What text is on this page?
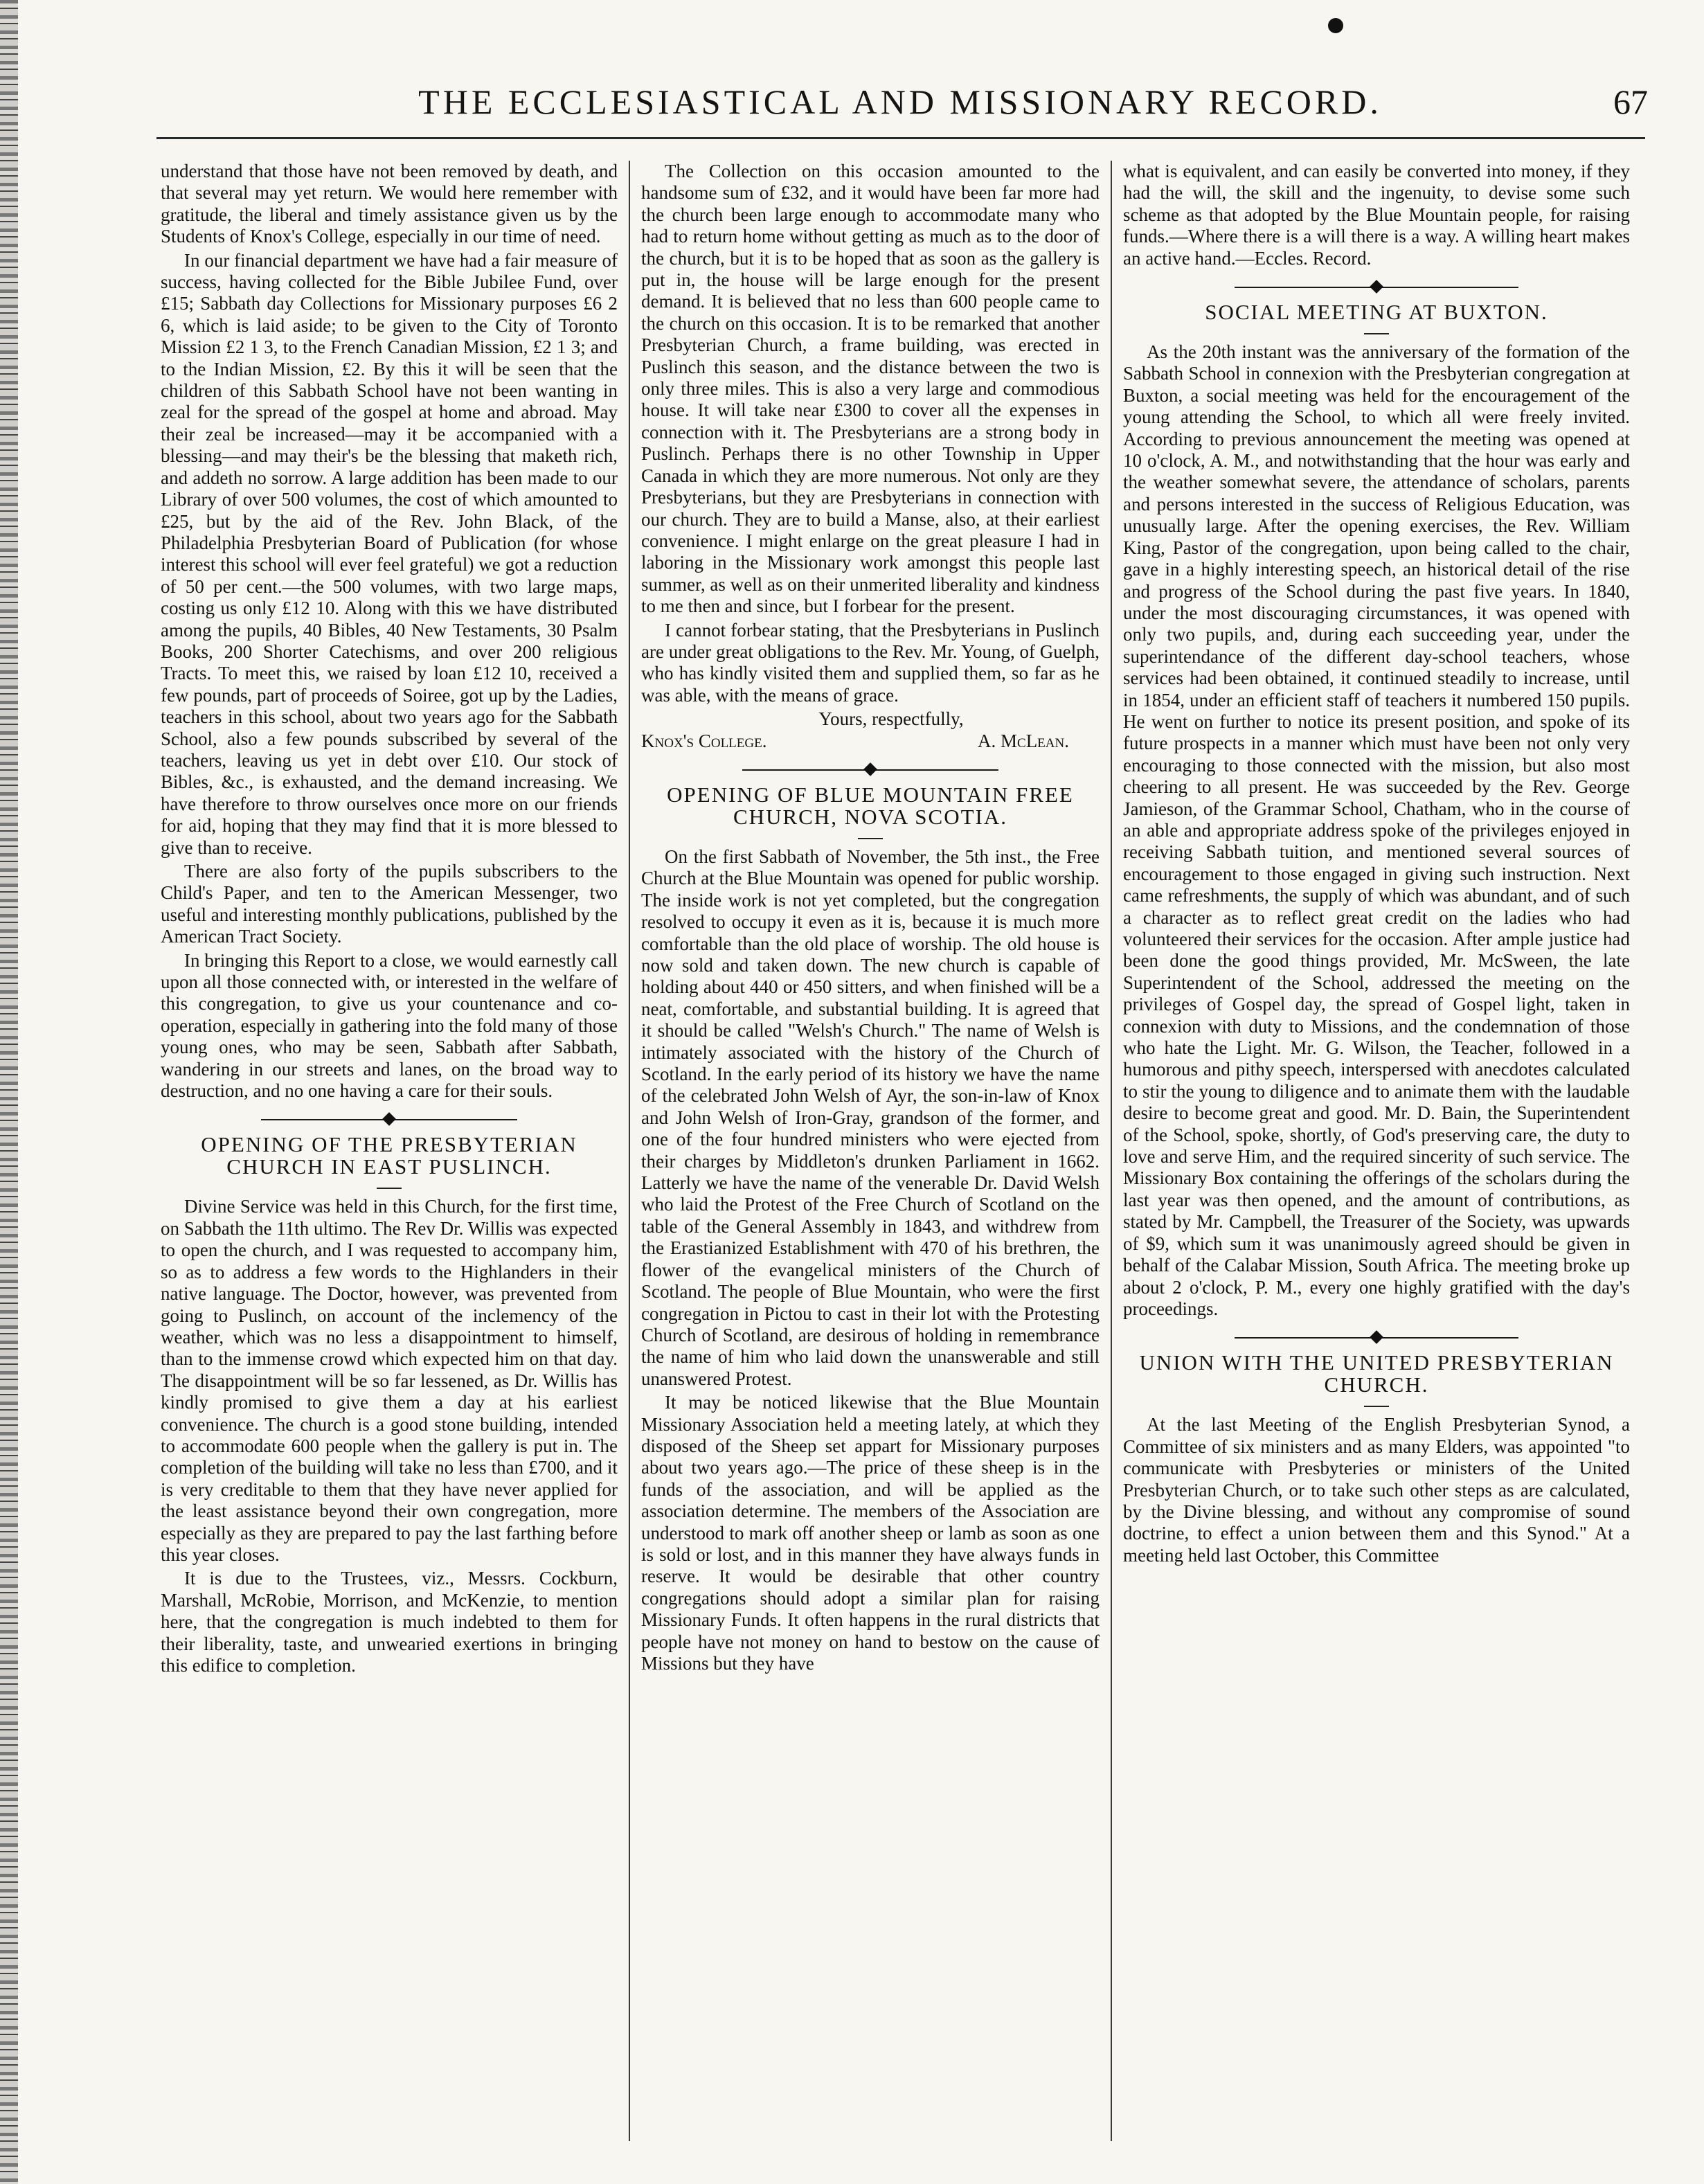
THE ECCLESIASTICAL AND MISSIONARY RECORD.	67

understand that those have not been removed by death, and that several may yet return. We would here remember with gratitude, the liberal and timely assistance given us by the Students of Knox's College, especially in our time of need.

In our financial department we have had a fair measure of success, having collected for the Bible Jubilee Fund, over £15; Sabbath day Collections for Missionary purposes £6 2 6, which is laid aside; to be given to the City of Toronto Mission £2 1 3, to the French Canadian Mission, £2 1 3; and to the Indian Mission, £2. By this it will be seen that the children of this Sabbath School have not been wanting in zeal for the spread of the gospel at home and abroad. May their zeal be increased—may it be accompanied with a blessing—and may their's be the blessing that maketh rich, and addeth no sorrow. A large addition has been made to our Library of over 500 volumes, the cost of which amounted to £25, but by the aid of the Rev. John Black, of the Philadelphia Presbyterian Board of Publication (for whose interest this school will ever feel grateful) we got a reduction of 50 per cent.—the 500 volumes, with two large maps, costing us only £12 10. Along with this we have distributed among the pupils, 40 Bibles, 40 New Testaments, 30 Psalm Books, 200 Shorter Catechisms, and over 200 religious Tracts. To meet this, we raised by loan £12 10, received a few pounds, part of proceeds of Soiree, got up by the Ladies, teachers in this school, about two years ago for the Sabbath School, also a few pounds subscribed by several of the teachers, leaving us yet in debt over £10. Our stock of Bibles, &c., is exhausted, and the demand increasing. We have therefore to throw ourselves once more on our friends for aid, hoping that they may find that it is more blessed to give than to receive.

There are also forty of the pupils subscribers to the Child's Paper, and ten to the American Messenger, two useful and interesting monthly publications, published by the American Tract Society.

In bringing this Report to a close, we would earnestly call upon all those connected with, or interested in the welfare of this congregation, to give us your countenance and co-operation, especially in gathering into the fold many of those young ones, who may be seen, Sabbath after Sabbath, wandering in our streets and lanes, on the broad way to destruction, and no one having a care for their souls.

OPENING OF THE PRESBYTERIAN CHURCH IN EAST PUSLINCH.

Divine Service was held in this Church, for the first time, on Sabbath the 11th ultimo. The Rev Dr. Willis was expected to open the church, and I was requested to accompany him, so as to address a few words to the Highlanders in their native language. The Doctor, however, was prevented from going to Puslinch, on account of the inclemency of the weather, which was no less a disappointment to himself, than to the immense crowd which expected him on that day. The disappointment will be so far lessened, as Dr. Willis has kindly promised to give them a day at his earliest convenience. The church is a good stone building, intended to accommodate 600 people when the gallery is put in. The completion of the building will take no less than £700, and it is very creditable to them that they have never applied for the least assistance beyond their own congregation, more especially as they are prepared to pay the last farthing before this year closes.

It is due to the Trustees, viz., Messrs. Cockburn, Marshall, McRobie, Morrison, and McKenzie, to mention here, that the congregation is much indebted to them for their liberality, taste, and unwearied exertions in bringing this edifice to completion.

The Collection on this occasion amounted to the handsome sum of £32, and it would have been far more had the church been large enough to accommodate many who had to return home without getting as much as to the door of the church, but it is to be hoped that as soon as the gallery is put in, the house will be large enough for the present demand. It is believed that no less than 600 people came to the church on this occasion. It is to be remarked that another Presbyterian Church, a frame building, was erected in Puslinch this season, and the distance between the two is only three miles. This is also a very large and commodious house. It will take near £300 to cover all the expenses in connection with it. The Presbyterians are a strong body in Puslinch. Perhaps there is no other Township in Upper Canada in which they are more numerous. Not only are they Presbyterians, but they are Presbyterians in connection with our church. They are to build a Manse, also, at their earliest convenience. I might enlarge on the great pleasure I had in laboring in the Missionary work amongst this people last summer, as well as on their unmerited liberality and kindness to me then and since, but I forbear for the present.

I cannot forbear stating, that the Presbyterians in Puslinch are under great obligations to the Rev. Mr. Young, of Guelph, who has kindly visited them and supplied them, so far as he was able, with the means of grace.

Yours, respectfully,

Knox's College.	A. McLean.
OPENING OF BLUE MOUNTAIN FREE CHURCH, NOVA SCOTIA.

On the first Sabbath of November, the 5th inst., the Free Church at the Blue Mountain was opened for public worship. The inside work is not yet completed, but the congregation resolved to occupy it even as it is, because it is much more comfortable than the old place of worship. The old house is now sold and taken down. The new church is capable of holding about 440 or 450 sitters, and when finished will be a neat, comfortable, and substantial building. It is agreed that it should be called "Welsh's Church." The name of Welsh is intimately associated with the history of the Church of Scotland. In the early period of its history we have the name of the celebrated John Welsh of Ayr, the son-in-law of Knox and John Welsh of Iron-Gray, grandson of the former, and one of the four hundred ministers who were ejected from their charges by Middleton's drunken Parliament in 1662. Latterly we have the name of the venerable Dr. David Welsh who laid the Protest of the Free Church of Scotland on the table of the General Assembly in 1843, and withdrew from the Erastianized Establishment with 470 of his brethren, the flower of the evangelical ministers of the Church of Scotland. The people of Blue Mountain, who were the first congregation in Pictou to cast in their lot with the Protesting Church of Scotland, are desirous of holding in remembrance the name of him who laid down the unanswerable and still unanswered Protest.

It may be noticed likewise that the Blue Mountain Missionary Association held a meeting lately, at which they disposed of the Sheep set appart for Missionary purposes about two years ago.—The price of these sheep is in the funds of the association, and will be applied as the association determine. The members of the Association are understood to mark off another sheep or lamb as soon as one is sold or lost, and in this manner they have always funds in reserve. It would be desirable that other country congregations should adopt a similar plan for raising Missionary Funds. It often happens in the rural districts that people have not money on hand to bestow on the cause of Missions but they have

what is equivalent, and can easily be converted into money, if they had the will, the skill and the ingenuity, to devise some such scheme as that adopted by the Blue Mountain people, for raising funds.—Where there is a will there is a way. A willing heart makes an active hand.—Eccles. Record.

SOCIAL MEETING AT BUXTON.

As the 20th instant was the anniversary of the formation of the Sabbath School in connexion with the Presbyterian congregation at Buxton, a social meeting was held for the encouragement of the young attending the School, to which all were freely invited. According to previous announcement the meeting was opened at 10 o'clock, A. M., and notwithstanding that the hour was early and the weather somewhat severe, the attendance of scholars, parents and persons interested in the success of Religious Education, was unusually large. After the opening exercises, the Rev. William King, Pastor of the congregation, upon being called to the chair, gave in a highly interesting speech, an historical detail of the rise and progress of the School during the past five years. In 1840, under the most discouraging circumstances, it was opened with only two pupils, and, during each succeeding year, under the superintendance of the different day-school teachers, whose services had been obtained, it continued steadily to increase, until in 1854, under an efficient staff of teachers it numbered 150 pupils. He went on further to notice its present position, and spoke of its future prospects in a manner which must have been not only very encouraging to those connected with the mission, but also most cheering to all present. He was succeeded by the Rev. George Jamieson, of the Grammar School, Chatham, who in the course of an able and appropriate address spoke of the privileges enjoyed in receiving Sabbath tuition, and mentioned several sources of encouragement to those engaged in giving such instruction. Next came refreshments, the supply of which was abundant, and of such a character as to reflect great credit on the ladies who had volunteered their services for the occasion. After ample justice had been done the good things provided, Mr. McSween, the late Superintendent of the School, addressed the meeting on the privileges of Gospel day, the spread of Gospel light, taken in connexion with duty to Missions, and the condemnation of those who hate the Light. Mr. G. Wilson, the Teacher, followed in a humorous and pithy speech, interspersed with anecdotes calculated to stir the young to diligence and to animate them with the laudable desire to become great and good. Mr. D. Bain, the Superintendent of the School, spoke, shortly, of God's preserving care, the duty to love and serve Him, and the required sincerity of such service. The Missionary Box containing the offerings of the scholars during the last year was then opened, and the amount of contributions, as stated by Mr. Campbell, the Treasurer of the Society, was upwards of $9, which sum it was unanimously agreed should be given in behalf of the Calabar Mission, South Africa. The meeting broke up about 2 o'clock, P. M., every one highly gratified with the day's proceedings.

UNION WITH THE UNITED PRESBYTERIAN CHURCH.

At the last Meeting of the English Presbyterian Synod, a Committee of six ministers and as many Elders, was appointed "to communicate with Presbyteries or ministers of the United Presbyterian Church, or to take such other steps as are calculated, by the Divine blessing, and without any compromise of sound doctrine, to effect a union between them and this Synod." At a meeting held last October, this Committee
